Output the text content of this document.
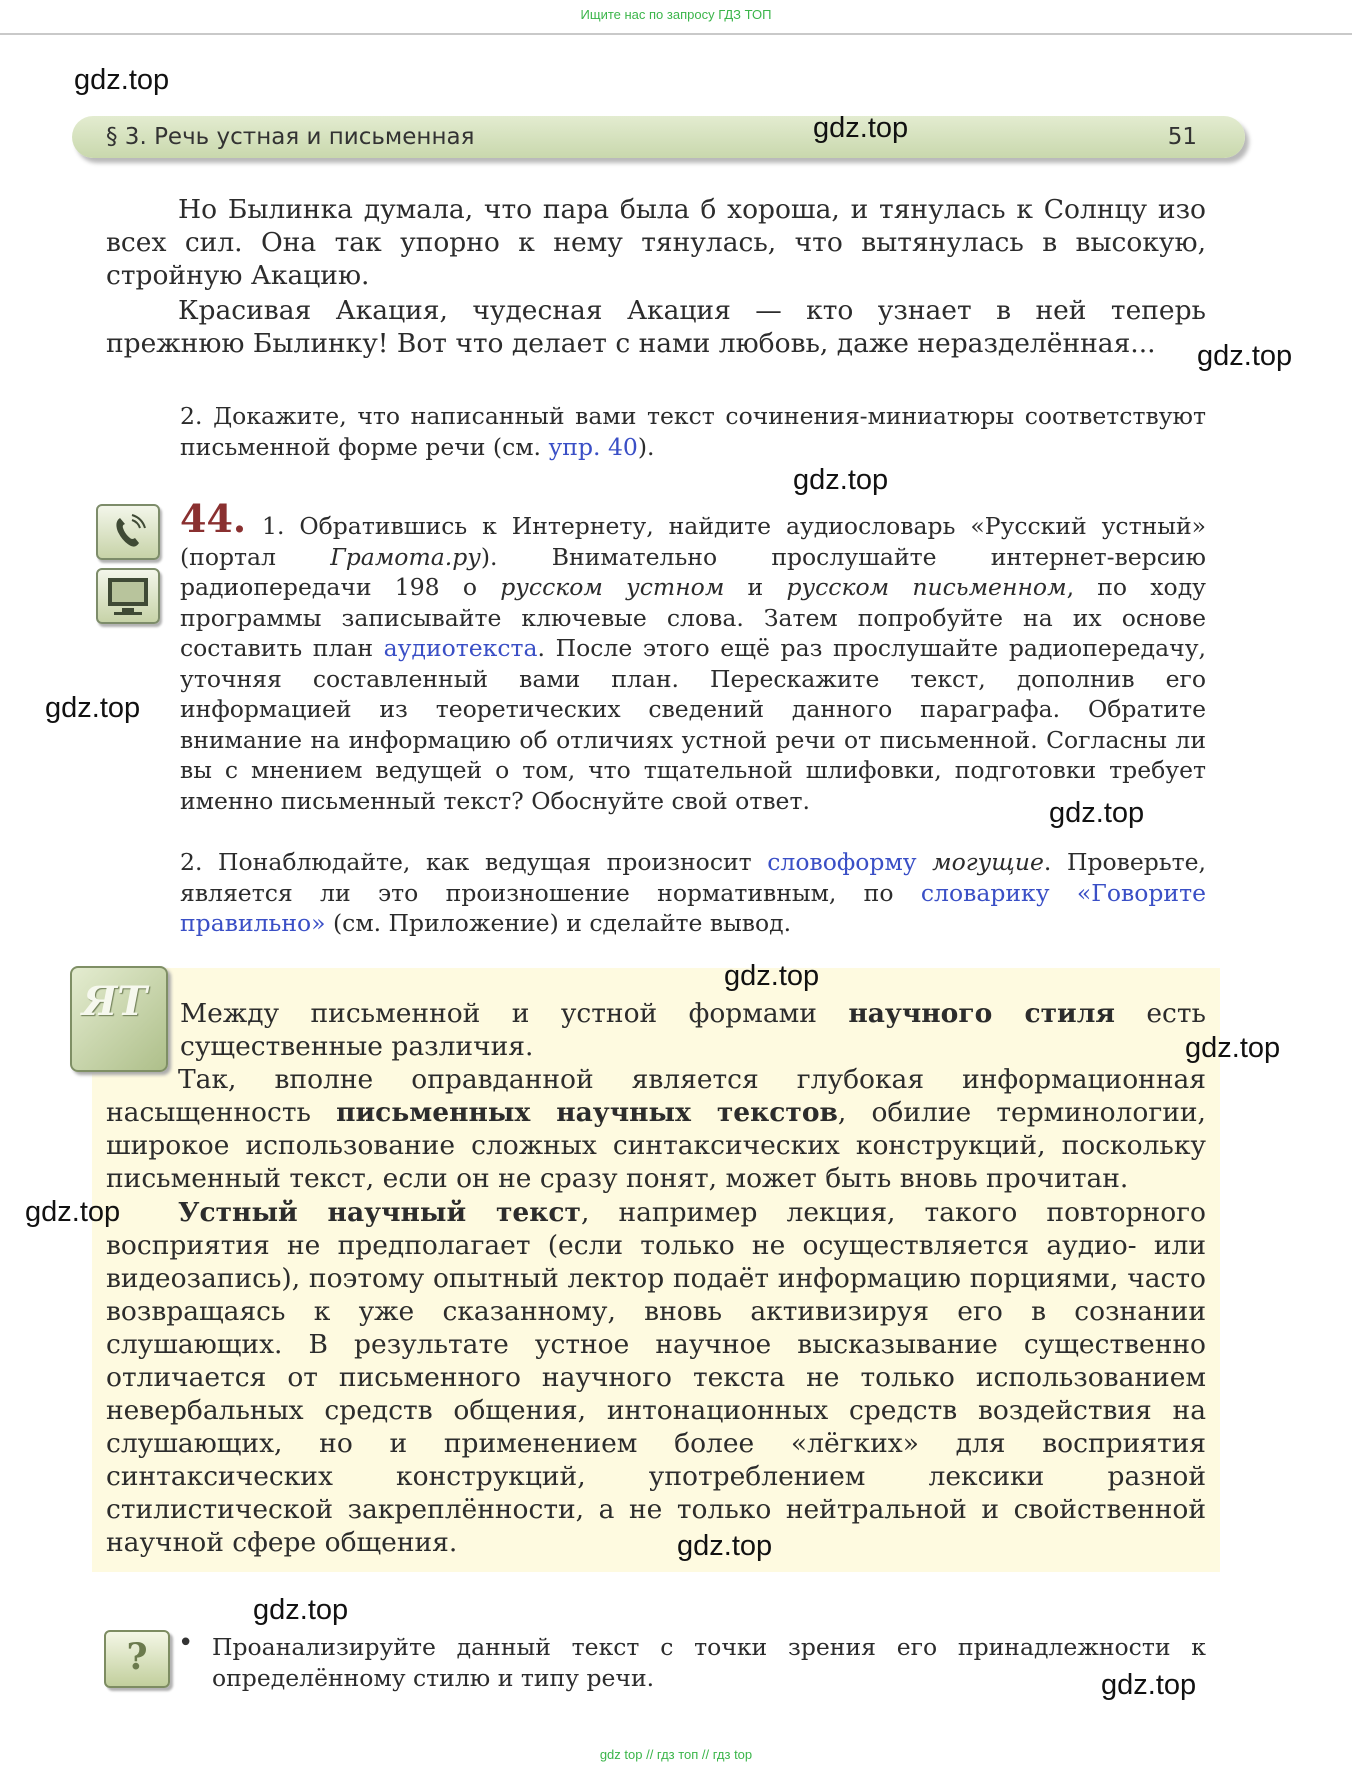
Ищите нас по запросу ГДЗ ТОП
§ 3. Речь устная и письменная	51

Но Былинка думала, что пара была б хороша, и тянулась к Солнцу изо всех сил. Она так упорно к нему тянулась, что вытянулась в высокую, стройную Акацию.

Красивая Акация, чудесная Акация — кто узнает в ней теперь прежнюю Былинку! Вот что делает с нами любовь, даже неразделённая...

2. Докажите, что написанный вами текст сочинения-миниатюры соответствуют письменной форме речи (см. упр. 40).

44. 1. Обратившись к Интернету, найдите аудиословарь «Русский устный» (портал Грамота.ру). Внимательно прослушайте интернет-версию радиопередачи 198 о русском устном и русском письменном, по ходу программы записывайте ключевые слова. Затем попробуйте на их основе составить план аудиотекста. После этого ещё раз прослушайте радиопередачу, уточняя составленный вами план. Перескажите текст, дополнив его информацией из теоретических сведений данного параграфа. Обратите внимание на информацию об отличиях устной речи от письменной. Согласны ли вы с мнением ведущей о том, что тщательной шлифовки, подготовки требует именно письменный текст? Обоснуйте свой ответ.

2. Понаблюдайте, как ведущая произносит словоформу могущие. Проверьте, является ли это произношение нормативным, по словарику «Говорите правильно» (см. Приложение) и сделайте вывод.

ЯТ Между письменной и устной формами научного стиля есть существенные различия.

Так, вполне оправданной является глубокая информационная насыщенность письменных научных текстов, обилие терминологии, широкое использование сложных синтаксических конструкций, поскольку письменный текст, если он не сразу понят, может быть вновь прочитан.

Устный научный текст, например лекция, такого повторного восприятия не предполагает (если только не осуществляется аудио- или видеозапись), поэтому опытный лектор подаёт информацию порциями, часто возвращаясь к уже сказанному, вновь активизируя его в сознании слушающих. В результате устное научное высказывание существенно отличается от письменного научного текста не только использованием невербальных средств общения, интонационных средств воздействия на слушающих, но и применением более «лёгких» для восприятия синтаксических конструкций, употреблением лексики разной стилистической закреплённости, а не только нейтральной и свойственной научной сфере общения.

?	• Проанализируйте данный текст с точки зрения его принадлежности к определённому стилю и типу речи.

gdz.top
gdz.top
gdz.top
gdz.top
gdz.top
gdz.top
gdz.top
gdz.top
gdz.top
gdz.top
gdz.top
gdz.top
gdz top // гдз топ // гдз top
